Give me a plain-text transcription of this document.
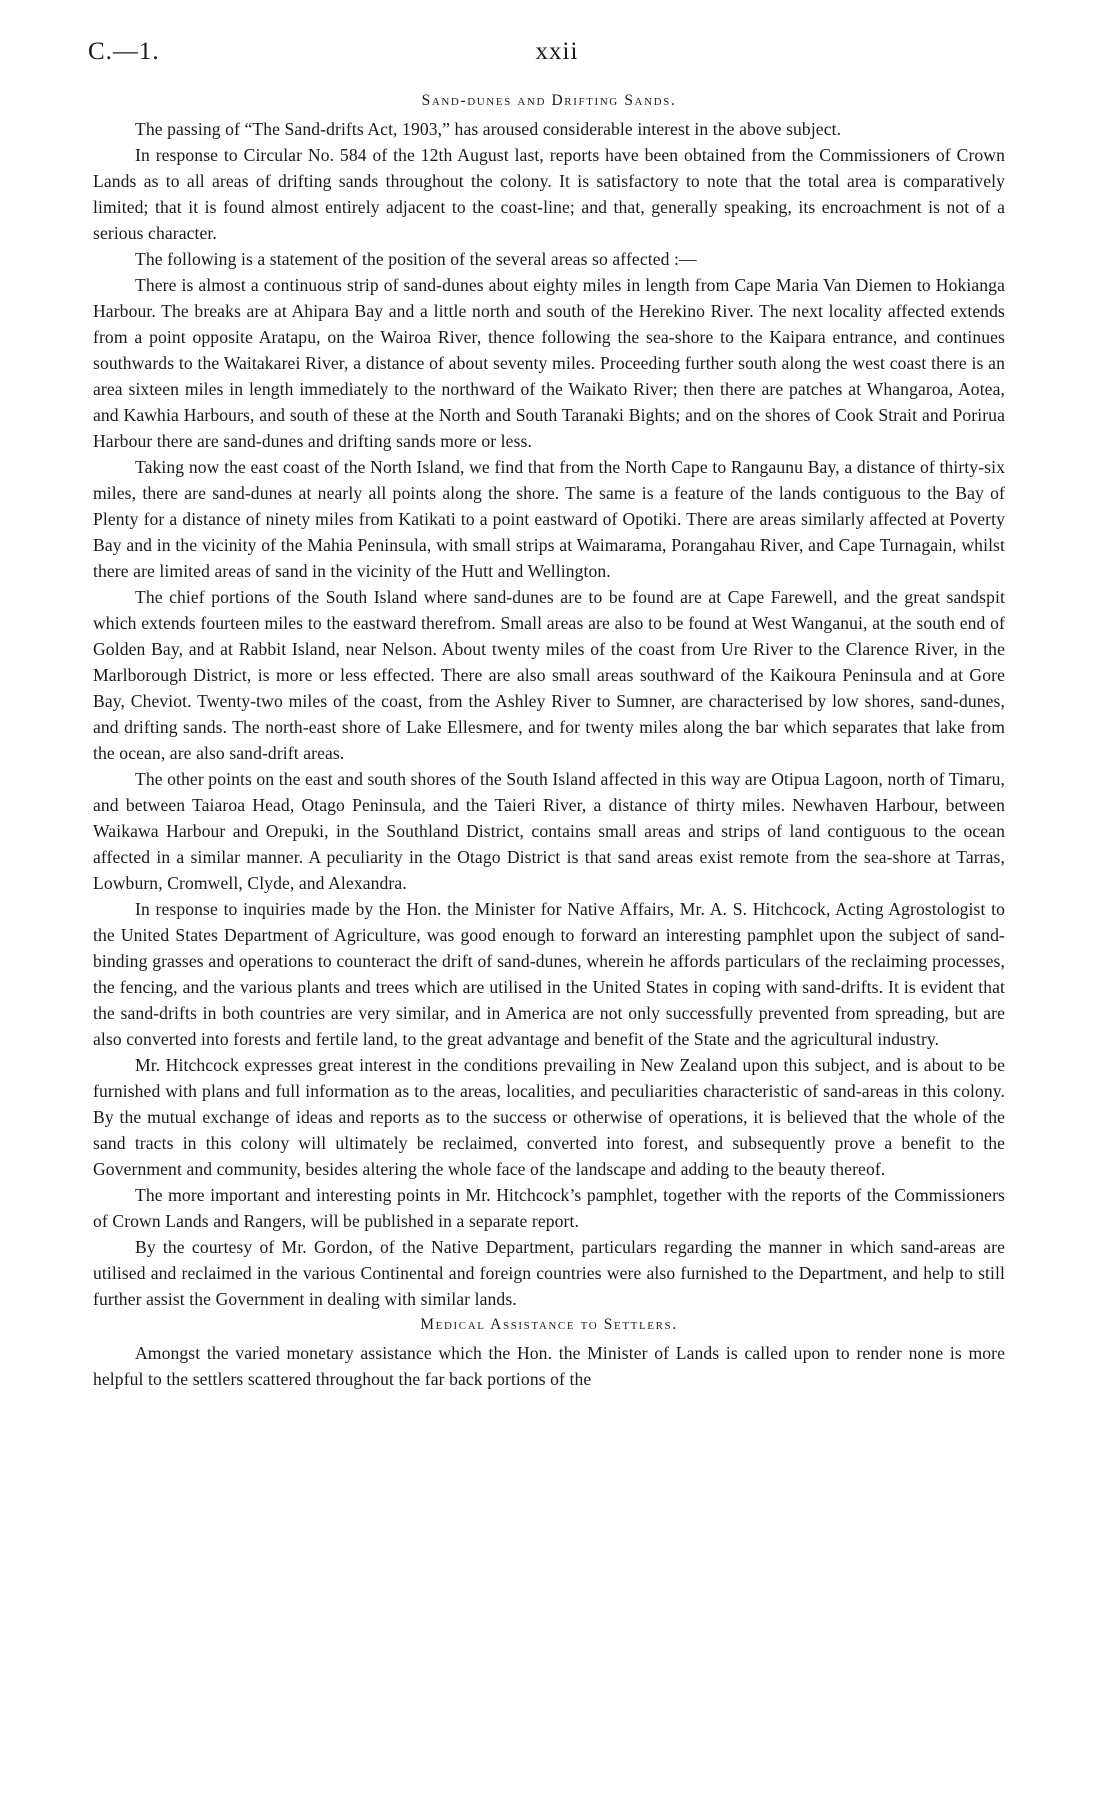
C.—1.	xxii
Sand-dunes and Drifting Sands.

The passing of “The Sand-drifts Act, 1903,” has aroused considerable interest in the above subject.

In response to Circular No. 584 of the 12th August last, reports have been obtained from the Commissioners of Crown Lands as to all areas of drifting sands throughout the colony. It is satisfactory to note that the total area is comparatively limited; that it is found almost entirely adjacent to the coast-line; and that, generally speaking, its encroachment is not of a serious character.

The following is a statement of the position of the several areas so affected :—

There is almost a continuous strip of sand-dunes about eighty miles in length from Cape Maria Van Diemen to Hokianga Harbour. The breaks are at Ahipara Bay and a little north and south of the Herekino River. The next locality affected extends from a point opposite Aratapu, on the Wairoa River, thence following the sea-shore to the Kaipara entrance, and continues southwards to the Waitakarei River, a distance of about seventy miles. Proceeding further south along the west coast there is an area sixteen miles in length immediately to the northward of the Waikato River; then there are patches at Whangaroa, Aotea, and Kawhia Harbours, and south of these at the North and South Taranaki Bights; and on the shores of Cook Strait and Porirua Harbour there are sand-dunes and drifting sands more or less.

Taking now the east coast of the North Island, we find that from the North Cape to Rangaunu Bay, a distance of thirty-six miles, there are sand-dunes at nearly all points along the shore. The same is a feature of the lands contiguous to the Bay of Plenty for a distance of ninety miles from Katikati to a point eastward of Opotiki. There are areas similarly affected at Poverty Bay and in the vicinity of the Mahia Peninsula, with small strips at Waimarama, Porangahau River, and Cape Turnagain, whilst there are limited areas of sand in the vicinity of the Hutt and Wellington.

The chief portions of the South Island where sand-dunes are to be found are at Cape Farewell, and the great sandspit which extends fourteen miles to the eastward therefrom. Small areas are also to be found at West Wanganui, at the south end of Golden Bay, and at Rabbit Island, near Nelson. About twenty miles of the coast from Ure River to the Clarence River, in the Marlborough District, is more or less effected. There are also small areas southward of the Kaikoura Peninsula and at Gore Bay, Cheviot. Twenty-two miles of the coast, from the Ashley River to Sumner, are characterised by low shores, sand-dunes, and drifting sands. The north-east shore of Lake Ellesmere, and for twenty miles along the bar which separates that lake from the ocean, are also sand-drift areas.

The other points on the east and south shores of the South Island affected in this way are Otipua Lagoon, north of Timaru, and between Taiaroa Head, Otago Peninsula, and the Taieri River, a distance of thirty miles. Newhaven Harbour, between Waikawa Harbour and Orepuki, in the Southland District, contains small areas and strips of land contiguous to the ocean affected in a similar manner. A peculiarity in the Otago District is that sand areas exist remote from the sea-shore at Tarras, Lowburn, Cromwell, Clyde, and Alexandra.

In response to inquiries made by the Hon. the Minister for Native Affairs, Mr. A. S. Hitchcock, Acting Agrostologist to the United States Department of Agriculture, was good enough to forward an interesting pamphlet upon the subject of sand-binding grasses and operations to counteract the drift of sand-dunes, wherein he affords particulars of the reclaiming processes, the fencing, and the various plants and trees which are utilised in the United States in coping with sand-drifts. It is evident that the sand-drifts in both countries are very similar, and in America are not only successfully prevented from spreading, but are also converted into forests and fertile land, to the great advantage and benefit of the State and the agricultural industry.

Mr. Hitchcock expresses great interest in the conditions prevailing in New Zealand upon this subject, and is about to be furnished with plans and full information as to the areas, localities, and peculiarities characteristic of sand-areas in this colony. By the mutual exchange of ideas and reports as to the success or otherwise of operations, it is believed that the whole of the sand tracts in this colony will ultimately be reclaimed, converted into forest, and subsequently prove a benefit to the Government and community, besides altering the whole face of the landscape and adding to the beauty thereof.

The more important and interesting points in Mr. Hitchcock’s pamphlet, together with the reports of the Commissioners of Crown Lands and Rangers, will be published in a separate report.

By the courtesy of Mr. Gordon, of the Native Department, particulars regarding the manner in which sand-areas are utilised and reclaimed in the various Continental and foreign countries were also furnished to the Department, and help to still further assist the Government in dealing with similar lands.

Medical Assistance to Settlers.

Amongst the varied monetary assistance which the Hon. the Minister of Lands is called upon to render none is more helpful to the settlers scattered throughout the far back portions of the
